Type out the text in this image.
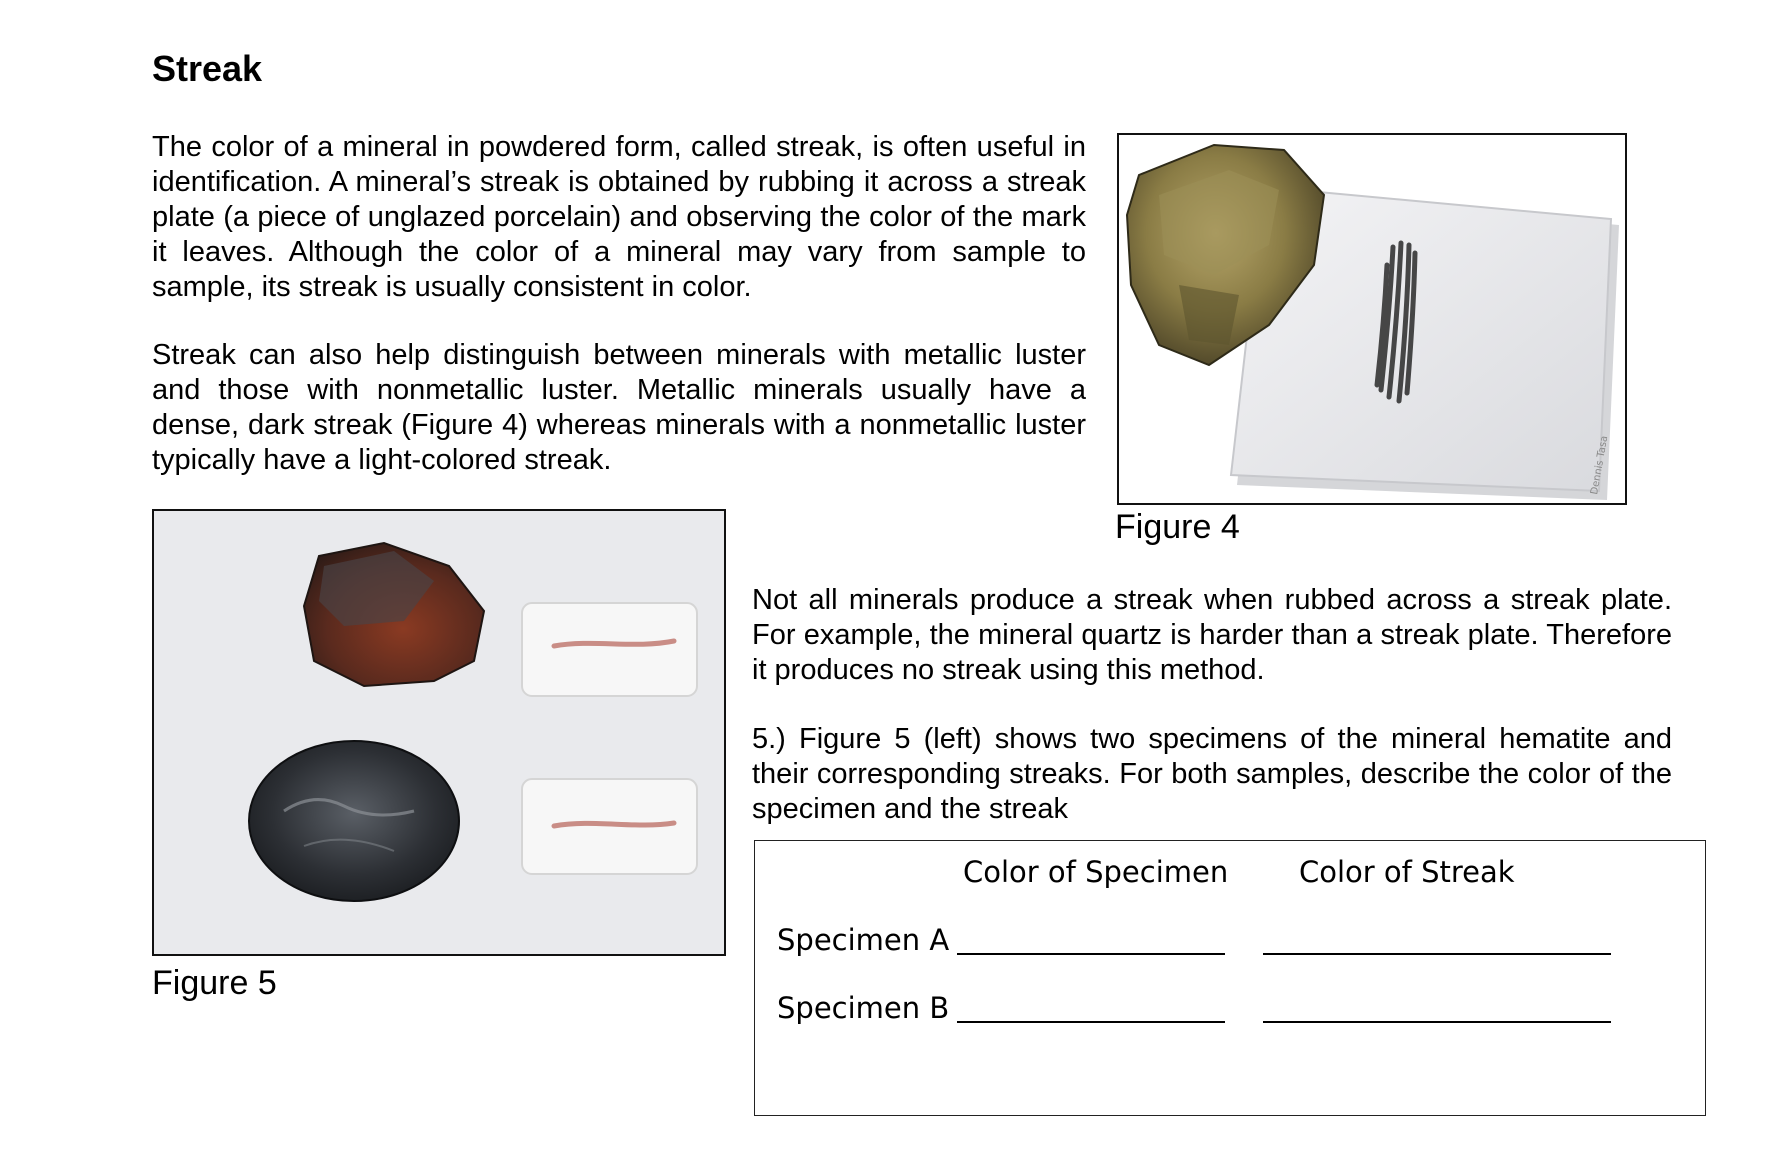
Streak
The color of a mineral in powdered form, called streak, is often useful in identification. A mineral’s streak is obtained by rubbing it across a streak plate (a piece of unglazed porcelain) and observing the color of the mark it leaves. Although the color of a mineral may vary from sample to sample, its streak is usually consistent in color.
Streak can also help distinguish between minerals with metallic luster and those with nonmetallic luster. Metallic minerals usually have a dense, dark streak (Figure 4) whereas minerals with a nonmetallic luster typically have a light-colored streak.	Dennis Tasa
Figure 4
Figure 5
Not all minerals produce a streak when rubbed across a streak plate. For example, the mineral quartz is harder than a streak plate. Therefore it produces no streak using this method.
5.) Figure 5 (left) shows two specimens of the mineral hematite and their corresponding streaks. For both samples, describe the color of the specimen and the streak
Color of Specimen Color of Streak
Specimen A
Specimen B
